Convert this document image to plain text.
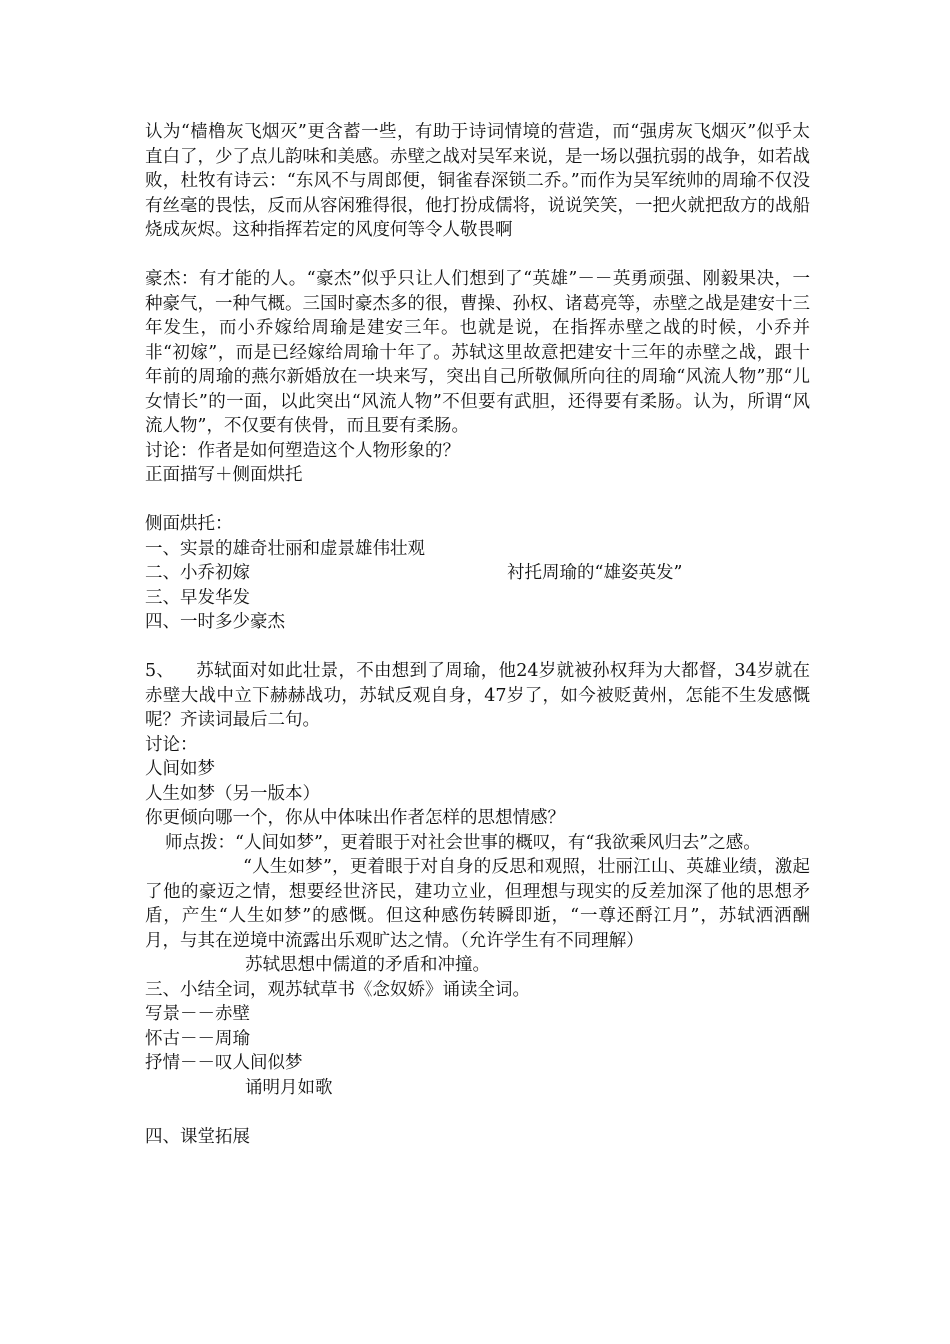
认为“樯橹灰飞烟灭”更含蓄一些，有助于诗词情境的营造，而“强虏灰飞烟灭”似乎太直白了，少了点儿韵味和美感。赤壁之战对吴军来说，是一场以强抗弱的战争，如若战败，杜牧有诗云：“东风不与周郎便，铜雀春深锁二乔。”而作为吴军统帅的周瑜不仅没有丝毫的畏怯，反而从容闲雅得很，他打扮成儒将，说说笑笑，一把火就把敌方的战船烧成灰烬。这种指挥若定的风度何等令人敬畏啊

豪杰：有才能的人。“豪杰”似乎只让人们想到了“英雄”－－英勇顽强、刚毅果决，一种豪气，一种气概。三国时豪杰多的很，曹操、孙权、诸葛亮等，赤壁之战是建安十三年发生，而小乔嫁给周瑜是建安三年。也就是说，在指挥赤壁之战的时候，小乔并非“初嫁”，而是已经嫁给周瑜十年了。苏轼这里故意把建安十三年的赤壁之战，跟十年前的周瑜的燕尔新婚放在一块来写，突出自己所敬佩所向往的周瑜“风流人物”那“儿女情长”的一面，以此突出“风流人物”不但要有武胆，还得要有柔肠。认为，所谓“风流人物”，不仅要有侠骨，而且要有柔肠。

讨论：作者是如何塑造这个人物形象的？

正面描写＋侧面烘托

侧面烘托：

一、实景的雄奇壮丽和虚景雄伟壮观

二、小乔初嫁	衬托周瑜的“雄姿英发”

三、早发华发

四、一时多少豪杰

5、 苏轼面对如此壮景，不由想到了周瑜，他24岁就被孙权拜为大都督，34岁就在赤壁大战中立下赫赫战功，苏轼反观自身，47岁了，如今被贬黄州，怎能不生发感慨呢？齐读词最后二句。

讨论：

人间如梦

人生如梦（另一版本）

你更倾向哪一个，你从中体味出作者怎样的思想情感？

师点拨：“人间如梦”，更着眼于对社会世事的概叹，有“我欲乘风归去”之感。

“人生如梦”，更着眼于对自身的反思和观照，壮丽江山、英雄业绩，激起了他的豪迈之情，想要经世济民，建功立业，但理想与现实的反差加深了他的思想矛盾，产生“人生如梦”的感慨。但这种感伤转瞬即逝，“一尊还酹江月”，苏轼洒洒酬月，与其在逆境中流露出乐观旷达之情。（允许学生有不同理解）

苏轼思想中儒道的矛盾和冲撞。

三、小结全词，观苏轼草书《念奴娇》诵读全词。

写景－－赤壁

怀古－－周瑜

抒情－－叹人间似梦

诵明月如歌

四、课堂拓展
